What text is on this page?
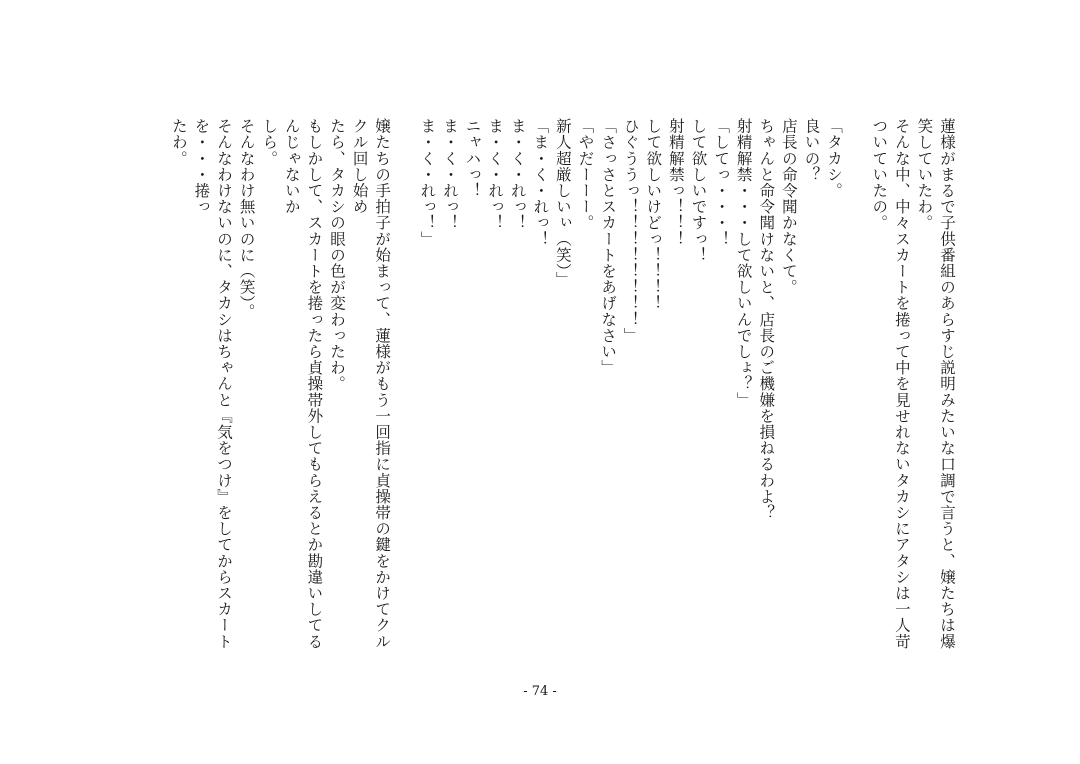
蓮様がまるで子供番組のあらすじ説明みたいな口調で言うと、嬢たちは爆笑していたわ。
そんな中、中々スカートを捲って中を見せれないタカシにアタシは一人苛ついていたの。

「タカシ。
良いの？
店長の命令聞かなくて。
ちゃんと命令聞けないと、店長のご機嫌を損ねるわよ？
射精解禁・・・して欲しいんでしょ？」
「してっ・・・！
して欲しいですっ！
射精解禁っ！！！
して欲しいけどっ！！！！
ひぐううっ！！！！！！！！」
「さっさとスカートをあげなさい」
「やだーーー。
新人超厳しいぃ（笑）」
「ま・く・れっ！
ま・く・れっ！
ま・く・れっ！
ニャハっ！
ま・く・れっ！
ま・く・れっ！」

嬢たちの手拍子が始まって、蓮様がもう一回指に貞操帯の鍵をかけてクルクル回し始め
たら、タカシの眼の色が変わったわ。
もしかして、スカートを捲ったら貞操帯外してもらえるとか勘違いしてるんじゃないか
しら。
そんなわけ無いのに（笑）。
そんなわけないのに、タカシはちゃんと『気をつけ』をしてからスカートを・・・捲っ
たわ。
- 74 -
